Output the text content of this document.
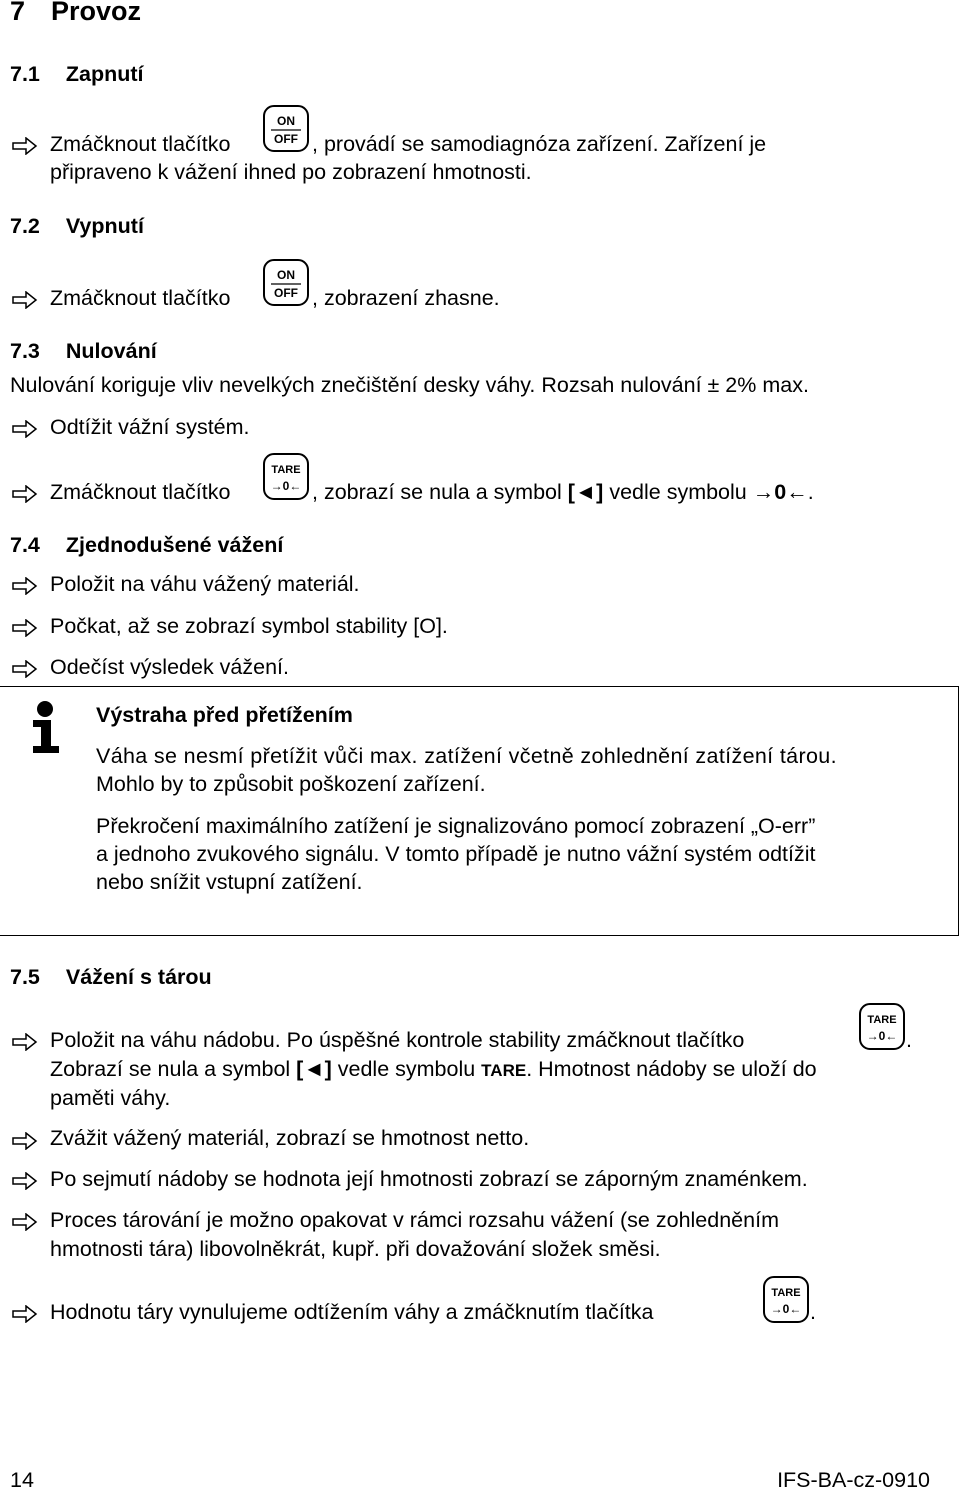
7 Provoz
7.1 Zapnutí
Zmáčknout tlačítko
ON
OFF , provádí se samodiagnóza zařízení. Zařízení je
připraveno k vážení ihned po zobrazení hmotnosti.
7.2 Vypnutí
Zmáčknout tlačítko
ON
OFF , zobrazení zhasne.
7.3 Nulování
Nulování koriguje vliv nevelkých znečištění desky váhy. Rozsah nulování ± 2% max.
Odtížit vážní systém.
Zmáčknout tlačítko
TARE
→0← , zobrazí se nula a symbol [◄] vedle symbolu →0←.
7.4 Zjednodušené vážení
Položit na váhu vážený materiál.
Počkat, až se zobrazí symbol stability [O].
Odečíst výsledek vážení.
Výstraha před přetížením
Váha se nesmí přetížit vůči max. zatížení včetně zohlednění zatížení tárou.
Mohlo by to způsobit poškození zařízení.
Překročení maximálního zatížení je signalizováno pomocí zobrazení „O-err”
a jednoho zvukového signálu. V tomto případě je nutno vážní systém odtížit
nebo snížit vstupní zatížení.
7.5 Vážení s tárou
Položit na váhu nádobu. Po úspěšné kontrole stability zmáčknout tlačítko
TARE
→0← .
Zobrazí se nula a symbol [◄] vedle symbolu TARE. Hmotnost nádoby se uloží do
paměti váhy.
Zvážit vážený materiál, zobrazí se hmotnost netto.
Po sejmutí nádoby se hodnota její hmotnosti zobrazí se záporným znaménkem.
Proces tárování je možno opakovat v rámci rozsahu vážení (se zohledněním
hmotnosti tára) libovolněkrát, kupř. při dovažování složek směsi.
Hodnotu táry vynulujeme odtížením váhy a zmáčknutím tlačítka
TARE
→0← .
14	IFS-BA-cz-0910
